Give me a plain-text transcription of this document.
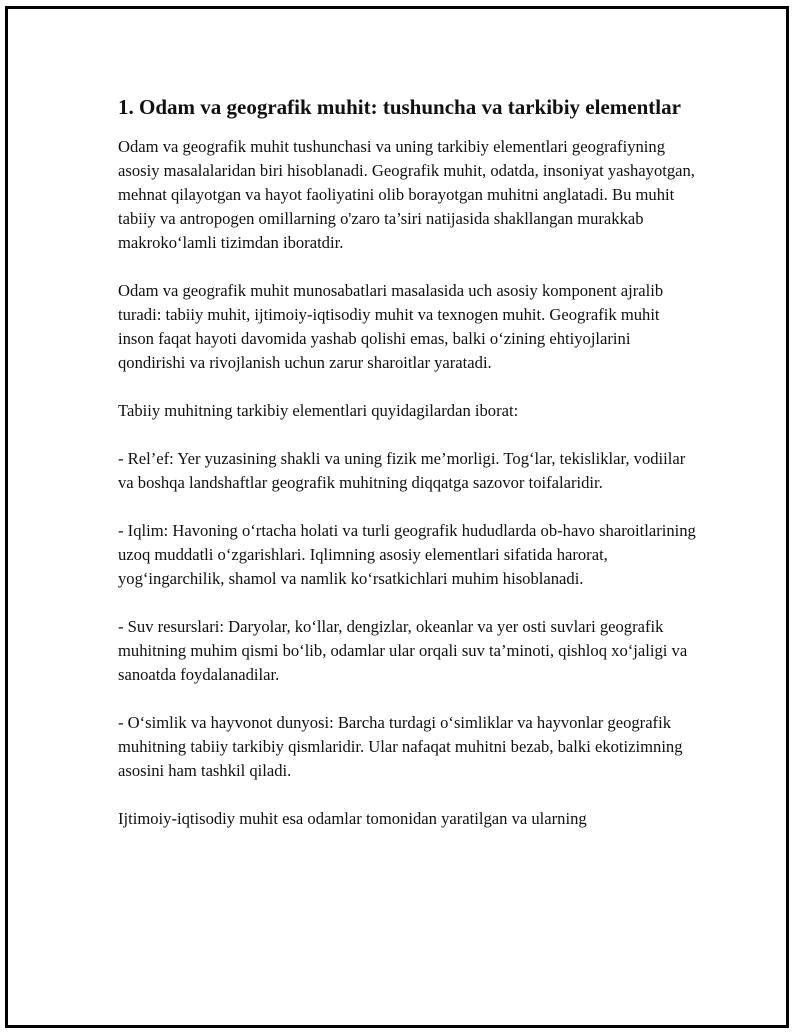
1. Odam va geografik muhit: tushuncha va tarkibiy elementlar

Odam va geografik muhit tushunchasi va uning tarkibiy elementlari geografiyning asosiy masalalaridan biri hisoblanadi. Geografik muhit, odatda, insoniyat yashayotgan, mehnat qilayotgan va hayot faoliyatini olib borayotgan muhitni anglatadi. Bu muhit tabiiy va antropogen omillarning o'zaro ta’siri natijasida shakllangan murakkab makroko‘lamli tizimdan iboratdir.

Odam va geografik muhit munosabatlari masalasida uch asosiy komponent ajralib turadi: tabiiy muhit, ijtimoiy-iqtisodiy muhit va texnogen muhit. Geografik muhit inson faqat hayoti davomida yashab qolishi emas, balki o‘zining ehtiyojlarini qondirishi va rivojlanish uchun zarur sharoitlar yaratadi.

Tabiiy muhitning tarkibiy elementlari quyidagilardan iborat:

- Rel’ef: Yer yuzasining shakli va uning fizik me’morligi. Tog‘lar, tekisliklar, vodiilar va boshqa landshaftlar geografik muhitning diqqatga sazovor toifalaridir.

- Iqlim: Havoning o‘rtacha holati va turli geografik hududlarda ob-havo sharoitlarining uzoq muddatli o‘zgarishlari. Iqlimning asosiy elementlari sifatida harorat, yog‘ingarchilik, shamol va namlik ko‘rsatkichlari muhim hisoblanadi.

- Suv resurslari: Daryolar, ko‘llar, dengizlar, okeanlar va yer osti suvlari geografik muhitning muhim qismi bo‘lib, odamlar ular orqali suv ta’minoti, qishloq xo‘jaligi va sanoatda foydalanadilar.

- O‘simlik va hayvonot dunyosi: Barcha turdagi o‘simliklar va hayvonlar geografik muhitning tabiiy tarkibiy qismlaridir. Ular nafaqat muhitni bezab, balki ekotizimning asosini ham tashkil qiladi.

Ijtimoiy-iqtisodiy muhit esa odamlar tomonidan yaratilgan va ularning
